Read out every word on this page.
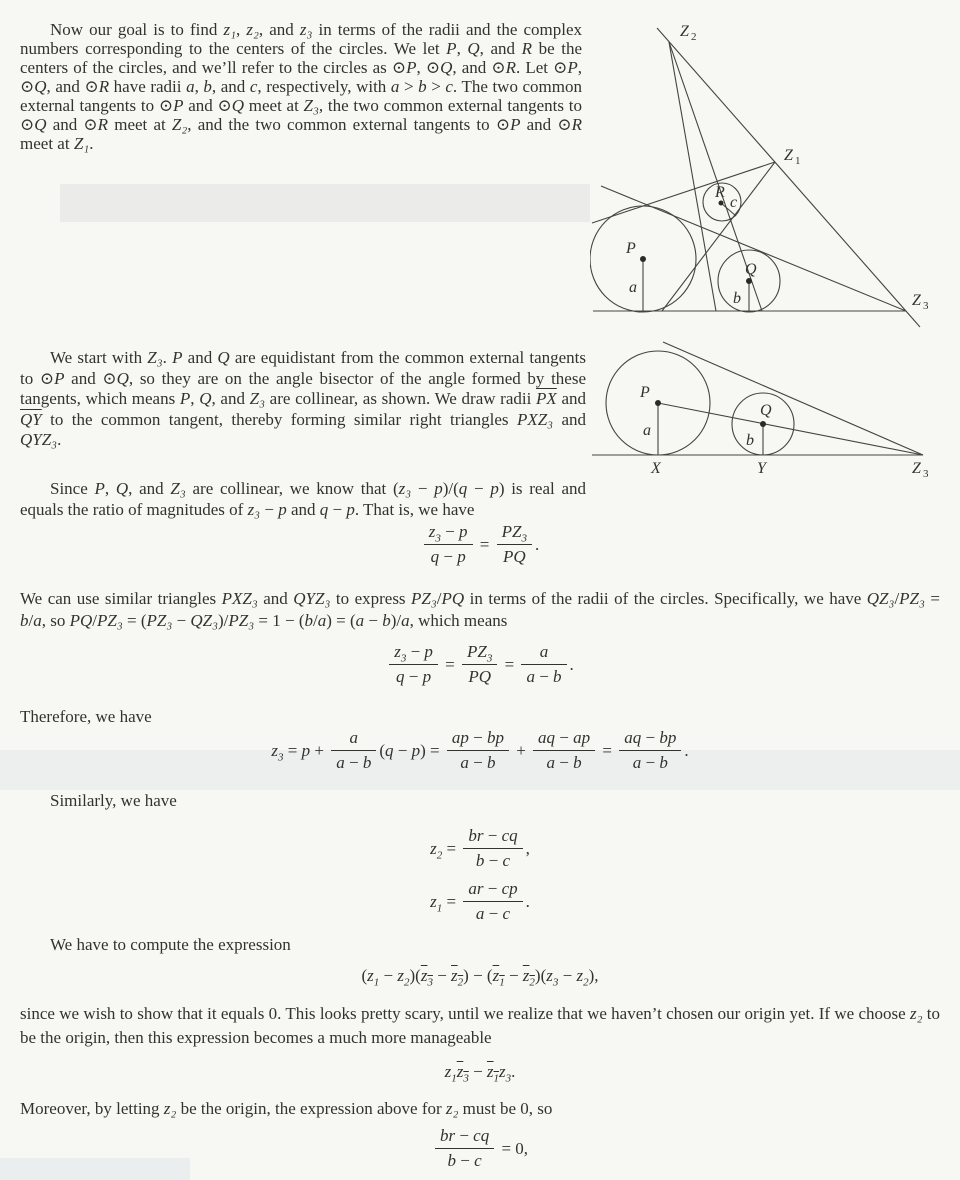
Now our goal is to find z₁, z₂, and z₃ in terms of the radii and the complex numbers corresponding to the centers of the circles. We let P, Q, and R be the centers of the circles, and we’ll refer to the circles as ⊙P, ⊙Q, and ⊙R. Let ⊙P, ⊙Q, and ⊙R have radii a, b, and c, respectively, with a > b > c. The two common external tangents to ⊙P and ⊙Q meet at Z₃, the two common external tangents to ⊙Q and ⊙R meet at Z₂, and the two common external tangents to ⊙P and ⊙R meet at Z₁.
Z 2
Z 1
Z 3
P
a
Q
b
R
c
We start with Z₃. P and Q are equidistant from the common external tangents to ⊙P and ⊙Q, so they are on the angle bisector of the angle formed by these tangents, which means P, Q, and Z₃ are collinear, as shown. We draw radii $\overline{PX}$ and $\overline{QY}$ to the common tangent, thereby forming similar right triangles PXZ₃ and QYZ₃.
P
a
X
Q
b
Y	Z 3
Since P, Q, and Z₃ are collinear, we know that (z₃ − p)/(q − p) is real and equals the ratio of magnitudes of z₃ − p and q − p. That is, we have
$\frac{z_3 - p}{q - p} = \frac{PZ_3}{PQ}$ .
We can use similar triangles PXZ₃ and QYZ₃ to express PZ₃/PQ in terms of the radii of the circles. Specifically, we have QZ₃/PZ₃ = b/a, so PQ/PZ₃ = (PZ₃ − QZ₃)/PZ₃ = 1 − (b/a) = (a − b)/a, which means
$\frac{z_3 - p}{q - p} = \frac{PZ_3}{PQ} = \frac{a}{a - b}$ .
Therefore, we have
$z_3 = p + \frac{a}{a - b}$ ( q − p ) = $\frac{ap - bp}{a - b} + \frac{aq - ap}{a - b} = \frac{aq - bp}{a - b}$ .
Similarly, we have
$z_2 = \frac{br - cq}{b - c}$ ,
$z_1 = \frac{ar - cp}{a - c}$ .
We have to compute the expression
( $z_1 - z_2$ )( $z_3 - z_2$ ) − ( $z_1 - z_2$ )( $z_3 - z_2$ ),
since we wish to show that it equals 0. This looks pretty scary, until we realize that we haven’t chosen our origin yet. If we choose z₂ to be the origin, then this expression becomes a much more manageable
$z_1$ $z_3 - z_1$ $z_3$ .
Moreover, by letting z₂ be the origin, the expression above for z₂ must be 0, so
$\frac{br - cq}{b - c} = 0$,
